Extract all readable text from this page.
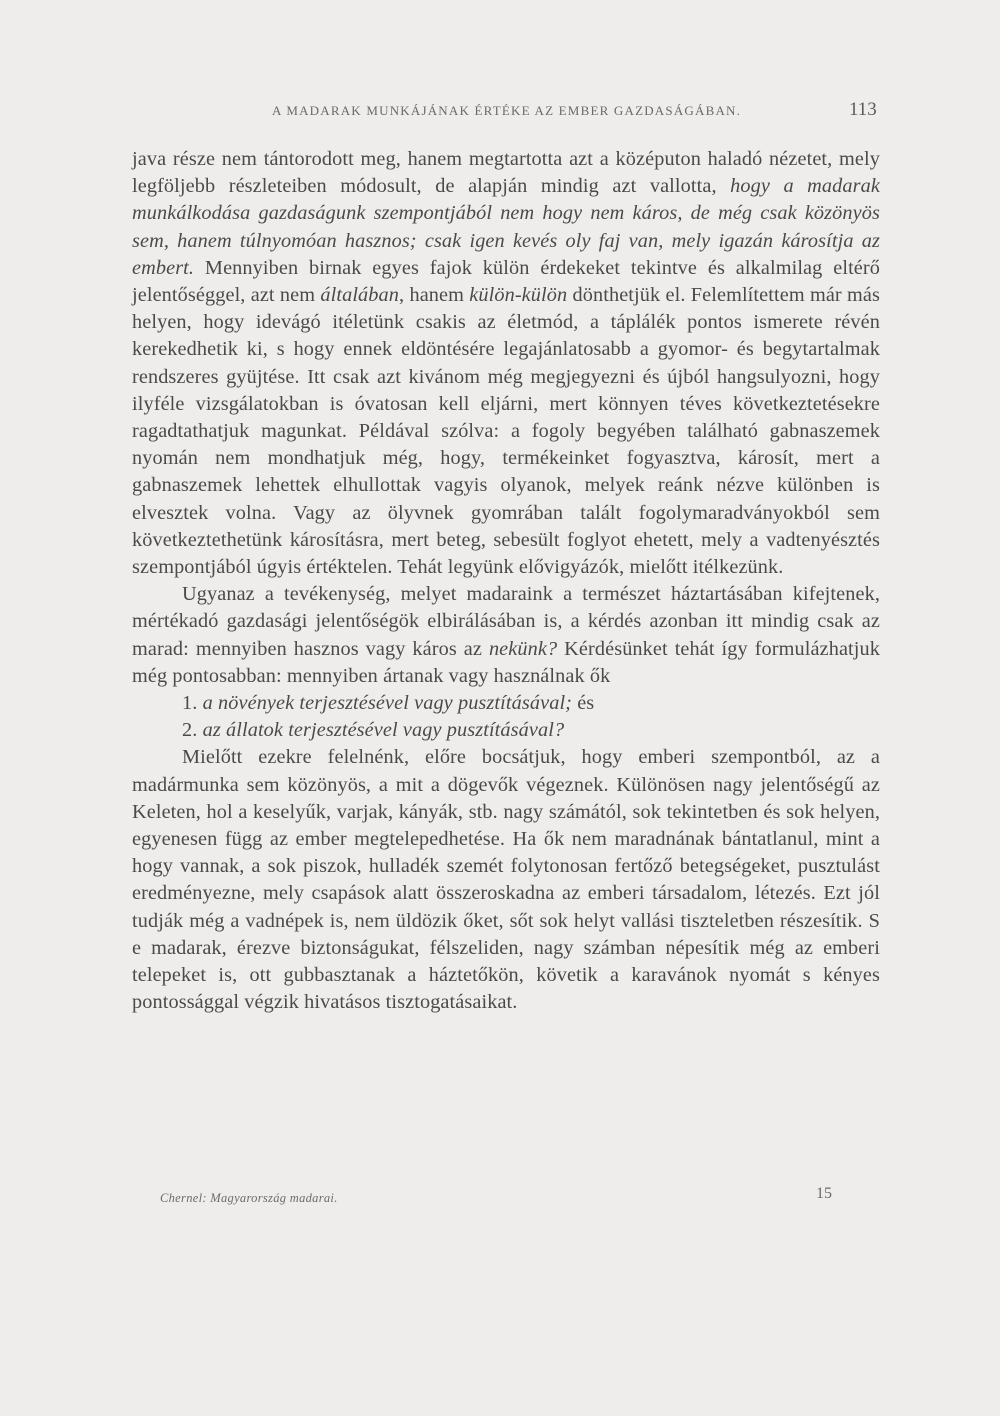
A MADARAK MUNKÁJÁNAK ÉRTÉKE AZ EMBER GAZDASÁGÁBAN.	113

java része nem tántorodott meg, hanem megtartotta azt a középuton haladó nézetet, mely legföljebb részleteiben módosult, de alapján mindig azt vallotta, hogy a madarak munkálkodása gazdaságunk szempontjából nem hogy nem káros, de még csak közönyös sem, hanem túlnyomóan hasznos; csak igen kevés oly faj van, mely igazán károsítja az embert. Mennyiben birnak egyes fajok külön érdekeket tekintve és alkalmilag eltérő jelentőséggel, azt nem általában, hanem külön-külön dönthetjük el. Felemlítettem már más helyen, hogy idevágó itéletünk csakis az életmód, a táplálék pontos ismerete révén kerekedhetik ki, s hogy ennek eldöntésére legajánlatosabb a gyomor- és begytartalmak rendszeres gyüjtése. Itt csak azt kivánom még megjegyezni és újból hangsulyozni, hogy ilyféle vizsgálatokban is óvatosan kell eljárni, mert könnyen téves következtetésekre ragadtathatjuk magunkat. Példával szólva: a fogoly begyében található gabnaszemek nyomán nem mondhatjuk még, hogy, termékeinket fogyasztva, károsít, mert a gabnaszemek lehettek elhullottak vagyis olyanok, melyek reánk nézve különben is elvesztek volna. Vagy az ölyvnek gyomrában talált fogolymaradványokból sem következtethetünk károsításra, mert beteg, sebesült foglyot ehetett, mely a vadtenyésztés szempontjából úgyis értéktelen. Tehát legyünk elővigyázók, mielőtt itélkezünk.

Ugyanaz a tevékenység, melyet madaraink a természet háztartásában kifejtenek, mértékadó gazdasági jelentőségök elbirálásában is, a kérdés azonban itt mindig csak az marad: mennyiben hasznos vagy káros az nekünk? Kérdésünket tehát így formulázhatjuk még pontosabban: mennyiben ártanak vagy használnak ők

1. a növények terjesztésével vagy pusztításával; és

2. az állatok terjesztésével vagy pusztításával?

Mielőtt ezekre felelnénk, előre bocsátjuk, hogy emberi szempontból, az a madármunka sem közönyös, a mit a dögevők végeznek. Különösen nagy jelentőségű az Keleten, hol a keselyűk, varjak, kányák, stb. nagy számától, sok tekintetben és sok helyen, egyenesen függ az ember megtelepedhetése. Ha ők nem maradnának bántatlanul, mint a hogy vannak, a sok piszok, hulladék szemét folytonosan fertőző betegségeket, pusztulást eredményezne, mely csapások alatt összeroskadna az emberi társadalom, létezés. Ezt jól tudják még a vadnépek is, nem üldözik őket, sőt sok helyt vallási tiszteletben részesítik. S e madarak, érezve biztonságukat, félszeliden, nagy számban népesítik még az emberi telepeket is, ott gubbasztanak a háztetőkön, követik a karavánok nyomát s kényes pontossággal végzik hivatásos tisztogatásaikat.

Chernel: Magyarország madarai.	15
